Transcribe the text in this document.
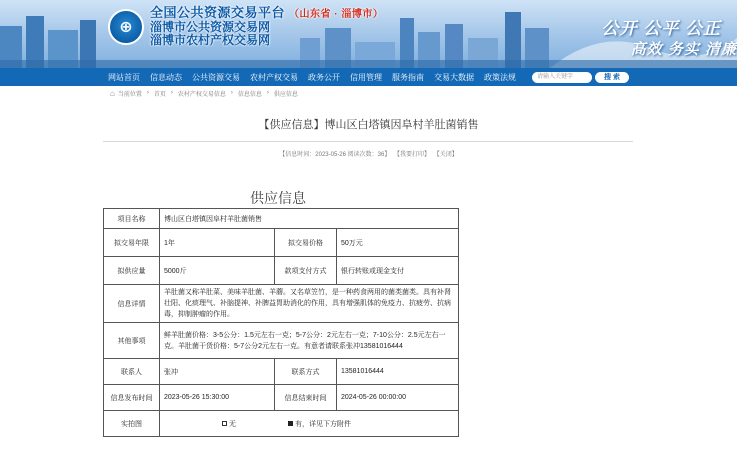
⊕
全国公共资源交易平台 （山东省 · 淄博市）
淄博市公共资源交易网
淄博市农村产权交易网
公开 公平 公正
高效 务实 清廉
网站首页 信息动态 公共资源交易 农村产权交易 政务公开 信用管理 服务指南 交易大数据 政策法规	请输入关键字	搜 索
⌂ 当前位置 › 首页 › 农村产权交易信息 › 信息信息 › 供应信息
【供应信息】博山区白塔镇因阜村羊肚菌销售
【信息时间：2023-05-26 阅读次数：36】 【我要打印】 【关闭】
供应信息
项目名称	博山区白塔镇因阜村羊肚菌销售		
拟交易年限	1年	拟交易价格	50万元
拟供应量	5000斤	款项支付方式	银行转账或现金支付
信息详情	羊肚菌又称羊肚菜、美味羊肚菌、羊蘑。又名草笠竹，是一种药食两用的菌类菌类。具有补肾壮阳、化痰理气、补脑提神、补脾益胃助消化的作用，具有增强肌体的免疫力、抗疲劳、抗病毒，抑制肿瘤的作用。		
其他事项	鲜羊肚菌价格：3-5公分：1.5元左右一克；5-7公分：2元左右一克；7-10公分：2.5元左右一克。羊肚菌干货价格：5-7公分2元左右一克。有意者请联系张冲13581016444		
联系人	张冲	联系方式	13581016444
信息发布时间	2023-05-26 15:30:00	信息结束时间	2024-05-26 00:00:00
实拍图	无 有，详见下方附件		
